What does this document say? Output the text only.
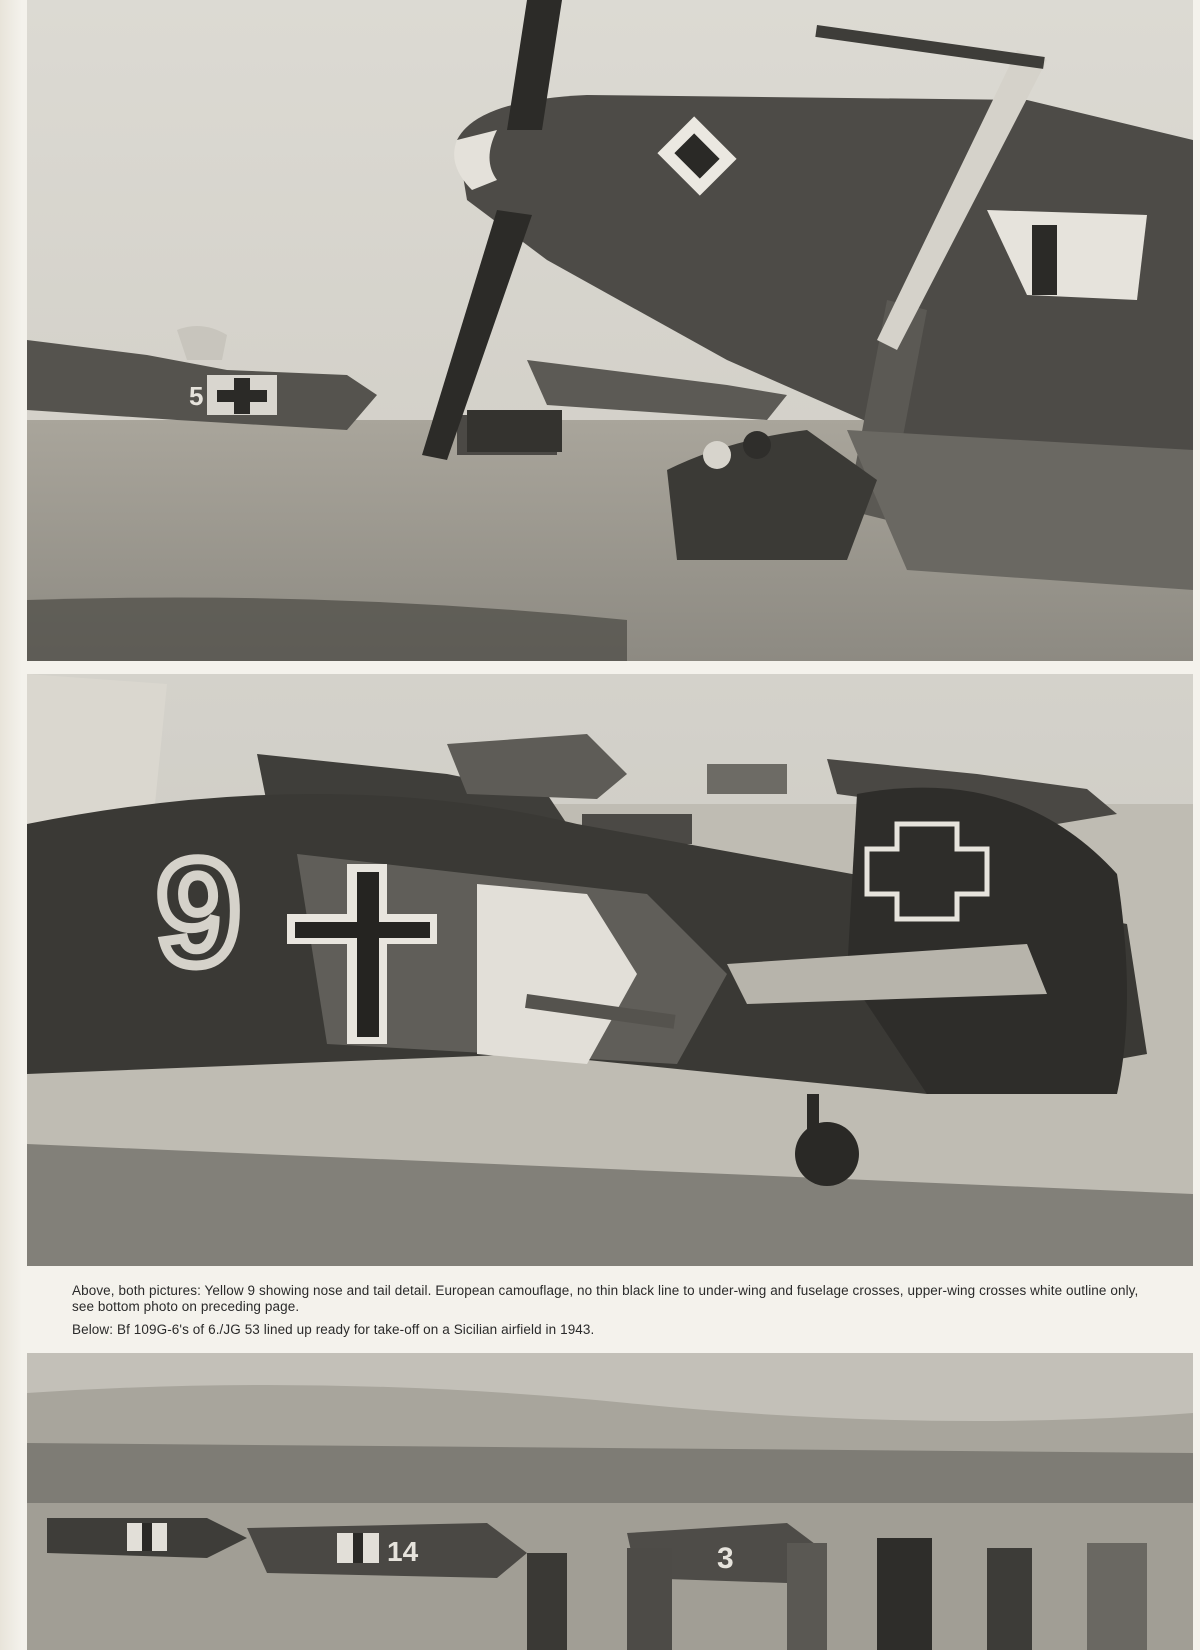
5
9
Above, both pictures: Yellow 9 showing nose and tail detail. European camouflage, no thin black line to under-wing and fuselage crosses, upper-wing crosses white outline only, see bottom photo on preceding page.
Below: Bf 109G-6's of 6./JG 53 lined up ready for take-off on a Sicilian airfield in 1943.
14	3
